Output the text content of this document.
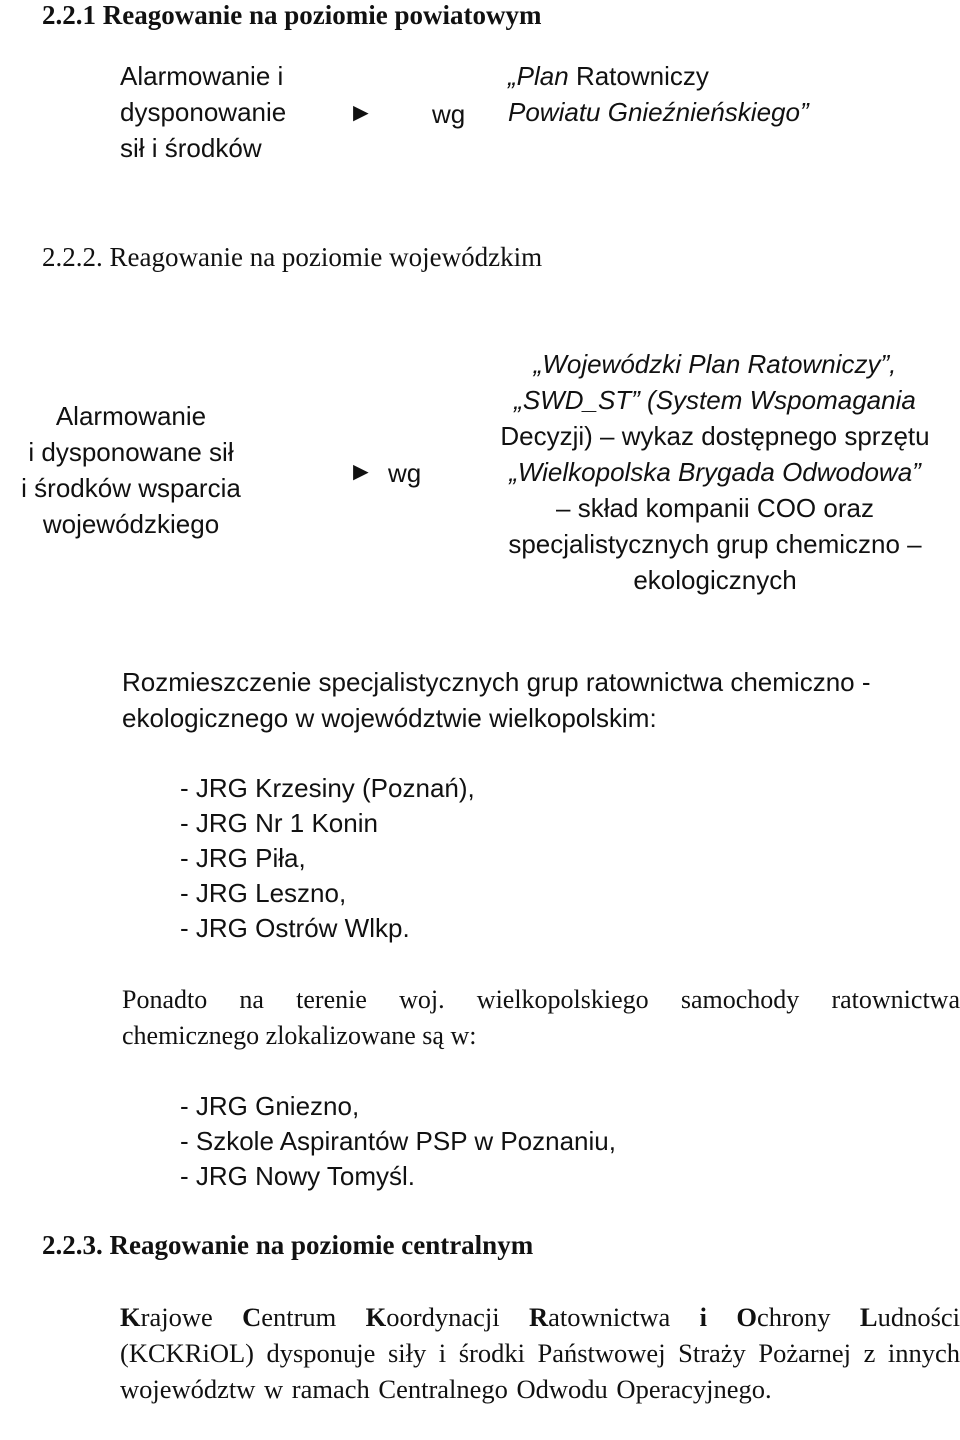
2.2.1 Reagowanie na poziomie powiatowym
Alarmowanie i
dysponowanie
sił i środków
► wg
„Plan Ratowniczy
Powiatu Gnieźnieńskiego”
2.2.2. Reagowanie na poziomie wojewódzkim
Alarmowanie
i dysponowane sił
i środków wsparcia
wojewódzkiego
► wg
„Wojewódzki Plan Ratowniczy”,
„SWD_ST” (System Wspomagania
Decyzji) – wykaz dostępnego sprzętu
„Wielkopolska Brygada Odwodowa”
– skład kompanii COO oraz
specjalistycznych grup chemiczno –
ekologicznych
Rozmieszczenie specjalistycznych grup ratownictwa chemiczno -
ekologicznego w województwie wielkopolskim:
- JRG Krzesiny (Poznań),
- JRG Nr 1 Konin
- JRG Piła,
- JRG Leszno,
- JRG Ostrów Wlkp.
Ponadto na terenie woj. wielkopolskiego samochody ratownictwa
chemicznego zlokalizowane są w:
- JRG Gniezno,
- Szkole Aspirantów PSP w Poznaniu,
- JRG Nowy Tomyśl.
2.2.3. Reagowanie na poziomie centralnym
Krajowe Centrum Koordynacji Ratownictwa i Ochrony Ludności (KCKRiOL) dysponuje siły i środki Państwowej Straży Pożarnej z innych województw w ramach Centralnego Odwodu Operacyjnego.
